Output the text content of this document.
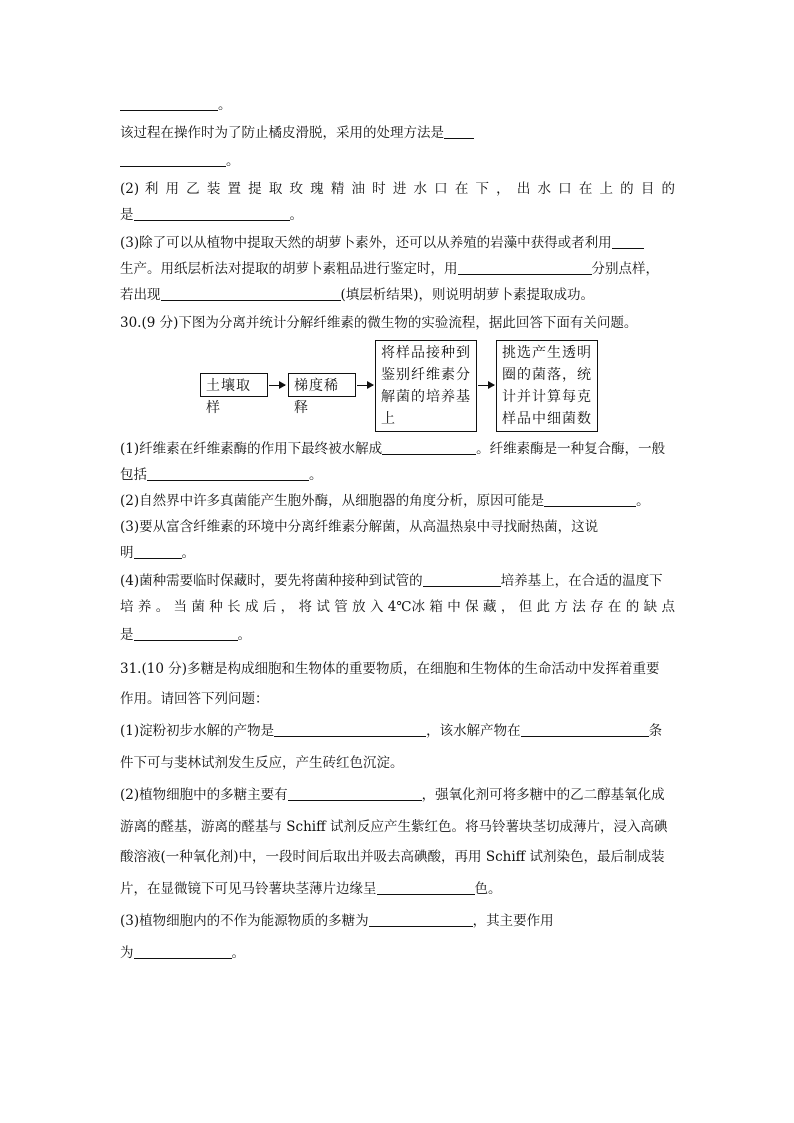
。
该过程在操作时为了防止橘皮滑脱，采用的处理方法是
。
(2) 利 用 乙 装 置 提 取 玫 瑰 精 油 时 进 水 口 在 下 ， 出 水 口 在 上 的 目 的
是	。
(3)除了可以从植物中提取天然的胡萝卜素外，还可以从养殖的岩藻中获得或者利用
生产。用纸层析法对提取的胡萝卜素粗品进行鉴定时，用	分别点样，
若出现	(填层析结果)，则说明胡萝卜素提取成功。
30.(9 分)下图为分离并统计分解纤维素的微生物的实验流程，据此回答下面有关问题。
土壤取样
梯度稀释
将样品接种到
鉴别纤维素分
解菌的培养基
上
挑选产生透明
圈的菌落，统
计并计算每克
样品中细菌数
(1)纤维素在纤维素酶的作用下最终被水解成	。纤维素酶是一种复合酶，一般
包括	。
(2)自然界中许多真菌能产生胞外酶，从细胞器的角度分析，原因可能是	。
(3)要从富含纤维素的环境中分离纤维素分解菌，从高温热泉中寻找耐热菌，这说
明	。
(4)菌种需要临时保藏时，要先将菌种接种到试管的	培养基上，在合适的温度下
培 养 。 当 菌 种 长 成 后 ， 将 试 管 放 入 4℃冰 箱 中 保 藏 ， 但 此 方 法 存 在 的 缺 点
是	。
31.(10 分)多糖是构成细胞和生物体的重要物质，在细胞和生物体的生命活动中发挥着重要
作用。请回答下列问题：
(1)淀粉初步水解的产物是	，该水解产物在	条
件下可与斐林试剂发生反应，产生砖红色沉淀。
(2)植物细胞中的多糖主要有	，强氧化剂可将多糖中的乙二醇基氧化成
游离的醛基，游离的醛基与 Schiff 试剂反应产生紫红色。将马铃薯块茎切成薄片，浸入高碘
酸溶液(一种氧化剂)中，一段时间后取出并吸去高碘酸，再用 Schiff 试剂染色，最后制成装
片，在显微镜下可见马铃薯块茎薄片边缘呈	色。
(3)植物细胞内的不作为能源物质的多糖为	，其主要作用
为	。
